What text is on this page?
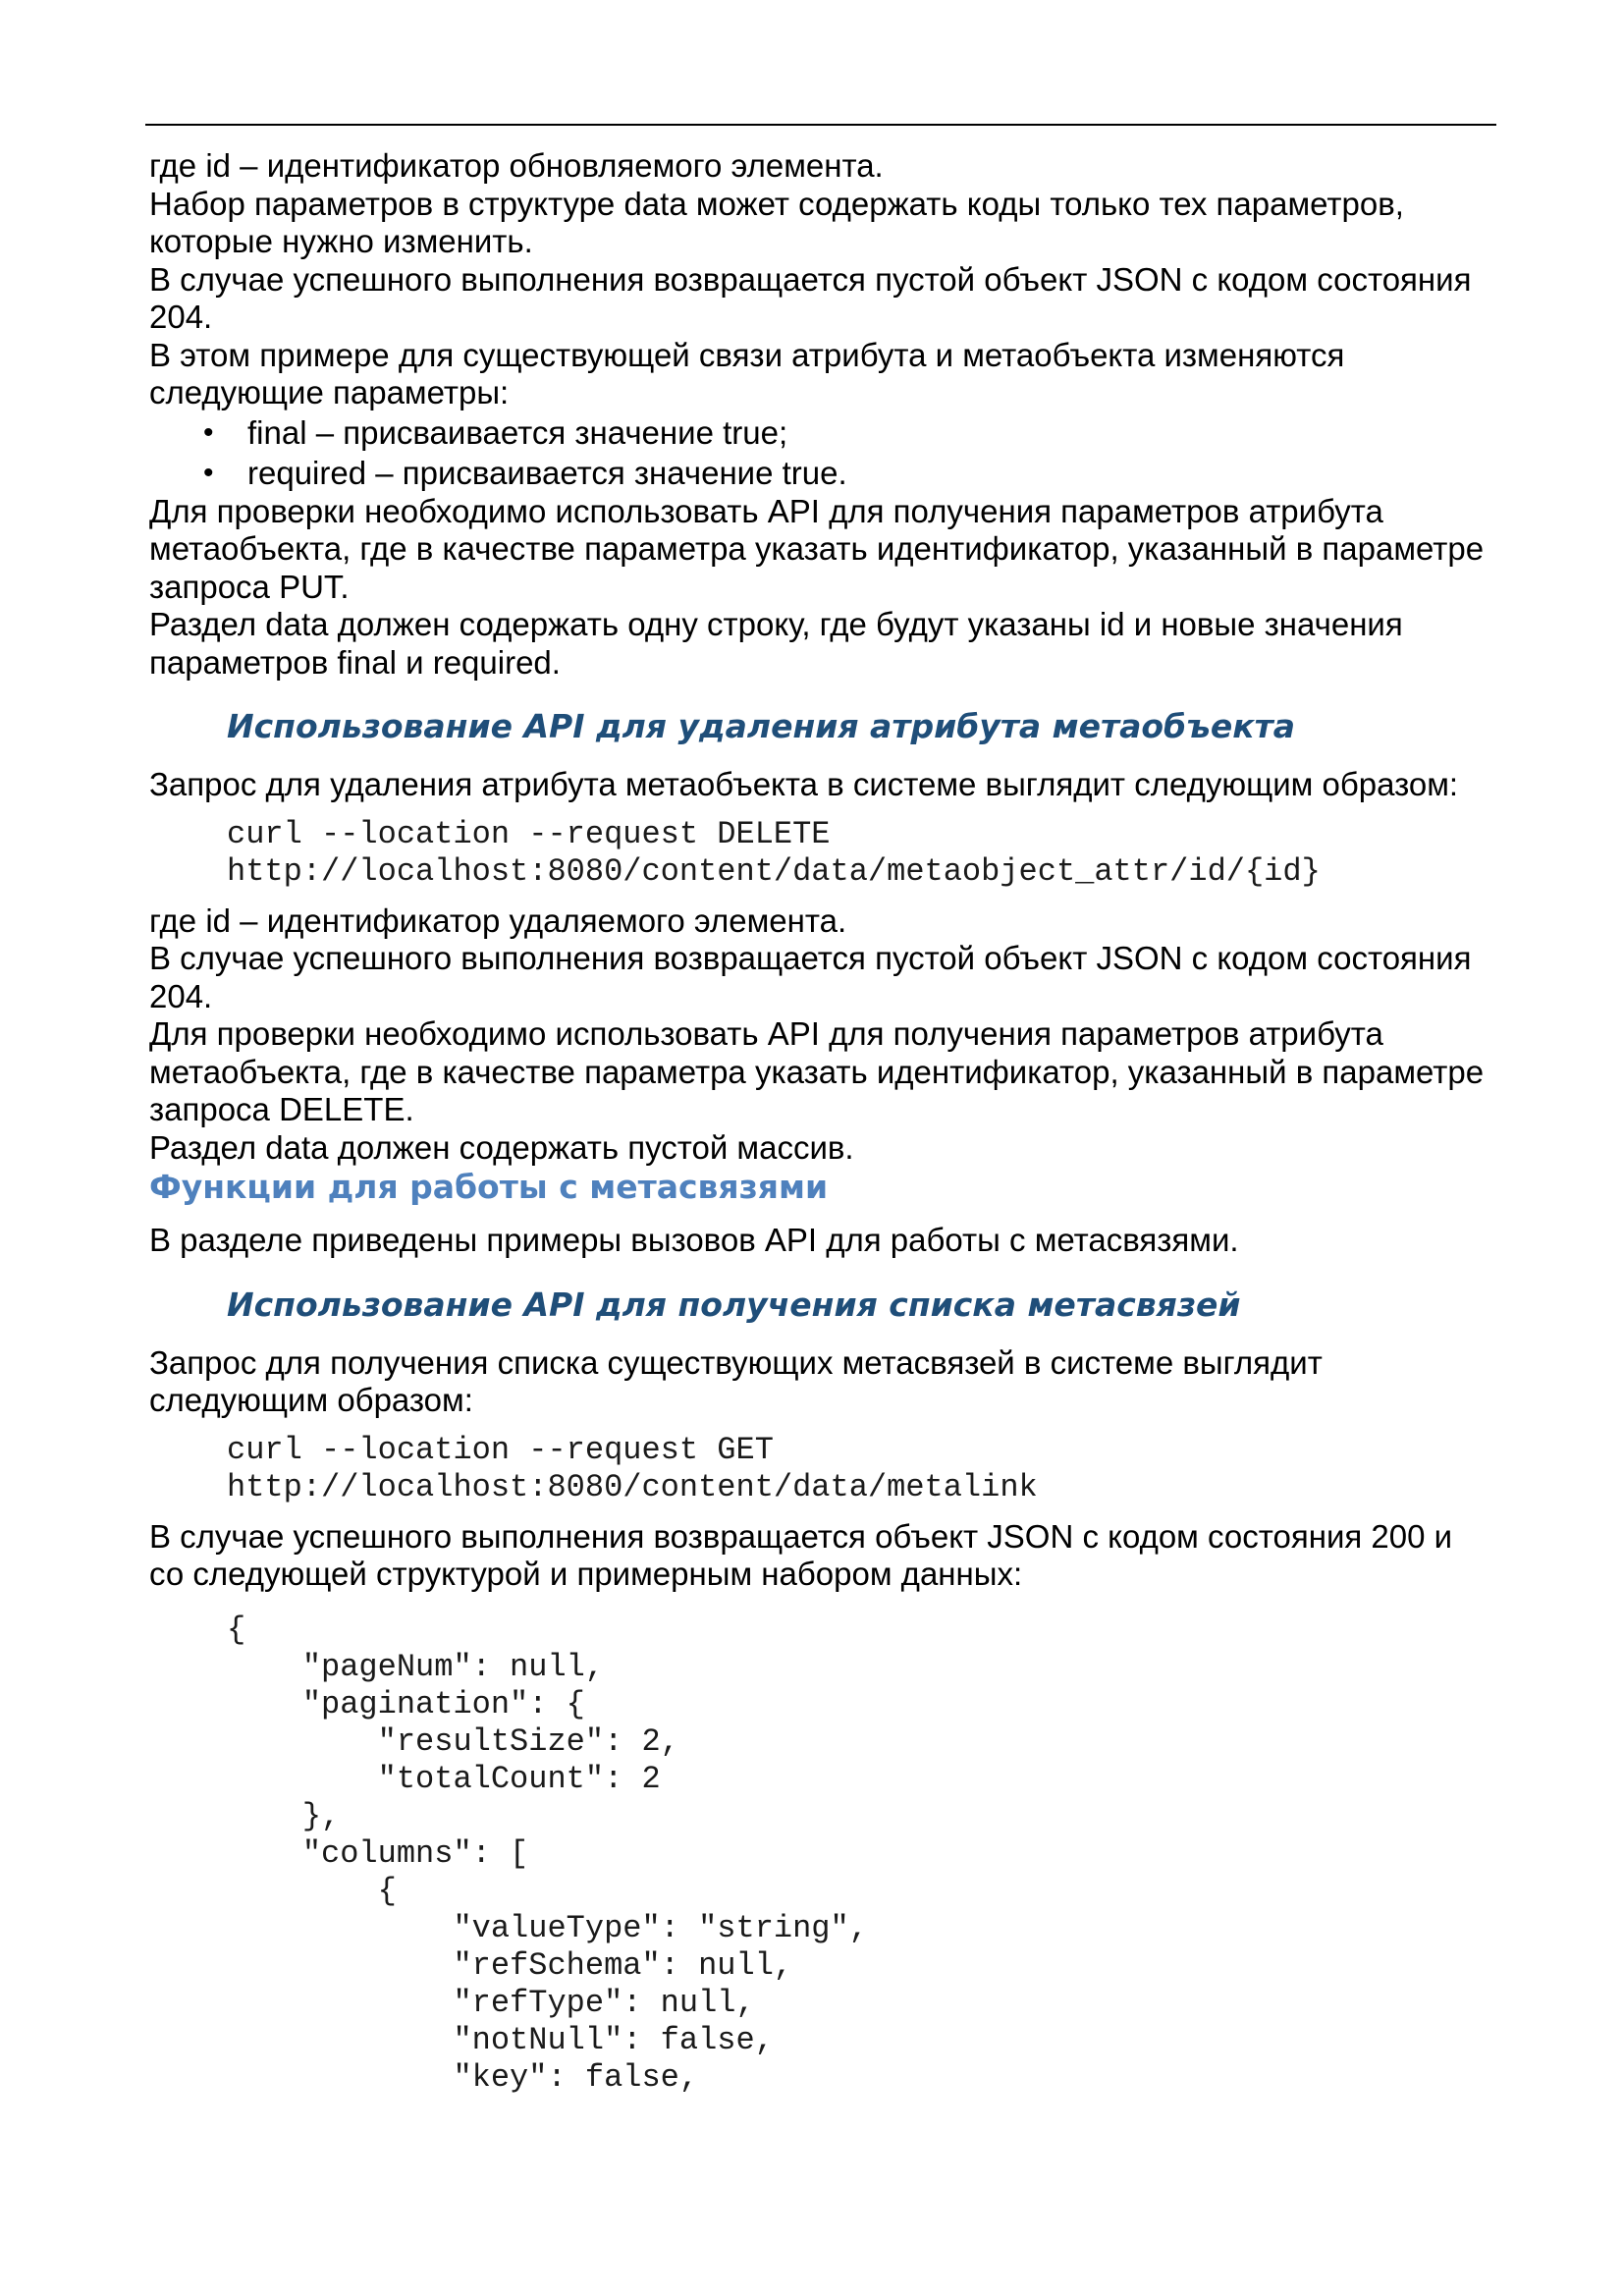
где id – идентификатор обновляемого элемента.

Набор параметров в структуре data может содержать коды только тех параметров, которые нужно изменить.

В случае успешного выполнения возвращается пустой объект JSON с кодом состояния 204.

В этом примере для существующей связи атрибута и метаобъекта изменяются следующие параметры:

• final – присваивается значение true;
• required – присваивается значение true.

Для проверки необходимо использовать API для получения параметров атрибута метаобъекта, где в качестве параметра указать идентификатор, указанный в параметре запроса PUT.

Раздел data должен содержать одну строку, где будут указаны id и новые значения параметров final и required.

Использование API для удаления атрибута метаобъекта

Запрос для удаления атрибута метаобъекта в системе выглядит следующим образом:

curl --location --request DELETE
http://localhost:8080/content/data/metaobject_attr/id/{id}

где id – идентификатор удаляемого элемента.

В случае успешного выполнения возвращается пустой объект JSON с кодом состояния 204.

Для проверки необходимо использовать API для получения параметров атрибута метаобъекта, где в качестве параметра указать идентификатор, указанный в параметре запроса DELETE.

Раздел data должен содержать пустой массив.

Функции для работы с метасвязями

В разделе приведены примеры вызовов API для работы с метасвязями.

Использование API для получения списка метасвязей

Запрос для получения списка существующих метасвязей в системе выглядит следующим образом:

curl --location --request GET
http://localhost:8080/content/data/metalink

В случае успешного выполнения возвращается объект JSON с кодом состояния 200 и со следующей структурой и примерным набором данных:

{
"pageNum": null,
"pagination": {
"resultSize": 2,
"totalCount": 2
},
"columns": [
{
"valueType": "string",
"refSchema": null,
"refType": null,
"notNull": false,
"key": false,
